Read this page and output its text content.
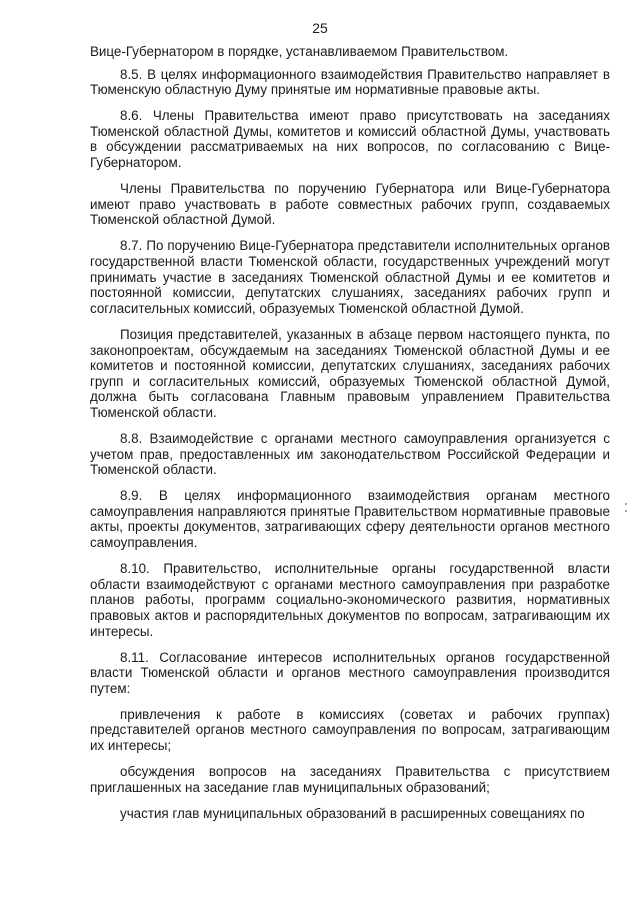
25

Вице-Губернатором в порядке, устанавливаемом Правительством.

8.5. В целях информационного взаимодействия Правительство направляет в Тюменскую областную Думу принятые им нормативные правовые акты.

8.6. Члены Правительства имеют право присутствовать на заседаниях Тюменской областной Думы, комитетов и комиссий областной Думы, участвовать в обсуждении рассматриваемых на них вопросов, по согласованию с Вице-Губернатором.

Члены Правительства по поручению Губернатора или Вице-Губернатора имеют право участвовать в работе совместных рабочих групп, создаваемых Тюменской областной Думой.

8.7. По поручению Вице-Губернатора представители исполнительных органов государственной власти Тюменской области, государственных учреждений могут принимать участие в заседаниях Тюменской областной Думы и ее комитетов и постоянной комиссии, депутатских слушаниях, заседаниях рабочих групп и согласительных комиссий, образуемых Тюменской областной Думой.

Позиция представителей, указанных в абзаце первом настоящего пункта, по законопроектам, обсуждаемым на заседаниях Тюменской областной Думы и ее комитетов и постоянной комиссии, депутатских слушаниях, заседаниях рабочих групп и согласительных комиссий, образуемых Тюменской областной Думой, должна быть согласована Главным правовым управлением Правительства Тюменской области.

8.8. Взаимодействие с органами местного самоуправления организуется с учетом прав, предоставленных им законодательством Российской Федерации и Тюменской области.

8.9. В целях информационного взаимодействия органам местного самоуправления направляются принятые Правительством нормативные правовые акты, проекты документов, затрагивающих сферу деятельности органов местного самоуправления.

8.10. Правительство, исполнительные органы государственной власти области взаимодействуют с органами местного самоуправления при разработке планов работы, программ социально-экономического развития, нормативных правовых актов и распорядительных документов по вопросам, затрагивающим их интересы.

8.11. Согласование интересов исполнительных органов государственной власти Тюменской области и органов местного самоуправления производится путем:

привлечения к работе в комиссиях (советах и рабочих группах) представителей органов местного самоуправления по вопросам, затрагивающим их интересы;

обсуждения вопросов на заседаниях Правительства с присутствием приглашенных на заседание глав муниципальных образований;

участия глав муниципальных образований в расширенных совещаниях по
